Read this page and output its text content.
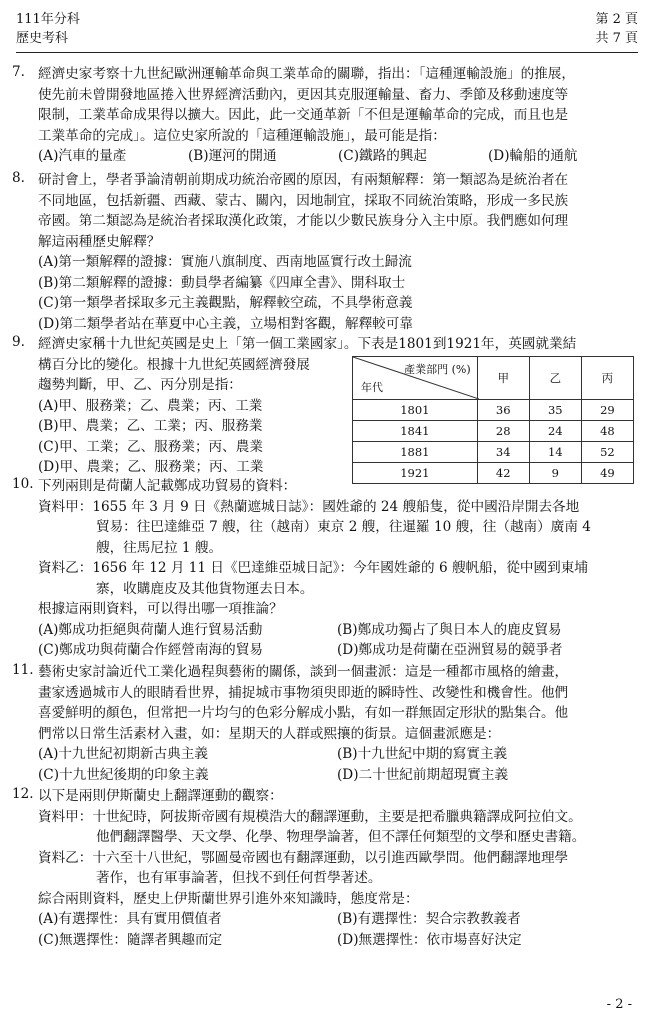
111年分科
歷史考科
第 2 頁
共 7 頁
7. 經濟史家考察十九世紀歐洲運輸革命與工業革命的關聯，指出：「這種運輸設施」的推展，
使先前未曾開發地區捲入世界經濟活動內，更因其克服運輸量、畜力、季節及移動速度等
限制，工業革命成果得以擴大。因此，此一交通革新「不但是運輸革命的完成，而且也是
工業革命的完成」。這位史家所說的「這種運輸設施」，最可能是指：
(A)汽車的量產	(B)運河的開通	(C)鐵路的興起	(D)輪船的通航
8. 研討會上，學者爭論清朝前期成功統治帝國的原因，有兩類解釋：第一類認為是統治者在
不同地區，包括新疆、西藏、蒙古、關內，因地制宜，採取不同統治策略，形成一多民族
帝國。第二類認為是統治者採取漢化政策，才能以少數民族身分入主中原。我們應如何理
解這兩種歷史解釋？
(A)第一類解釋的證據：實施八旗制度、西南地區實行改土歸流
(B)第二類解釋的證據：動員學者編纂《四庫全書》、開科取士
(C)第一類學者採取多元主義觀點，解釋較空疏，不具學術意義
(D)第二類學者站在華夏中心主義，立場相對客觀，解釋較可靠
9. 經濟史家稱十九世紀英國是史上「第一個工業國家」。下表是1801到1921年，英國就業結
構百分比的變化。根據十九世紀英國經濟發展
趨勢判斷，甲、乙、丙分別是指：
(A)甲、服務業；乙、農業；丙、工業
(B)甲、農業；乙、工業；丙、服務業
(C)甲、工業；乙、服務業；丙、農業
(D)甲、農業；乙、服務業；丙、工業
產業部門 (%)
年代	甲	乙	丙
1801	36	35	29
1841	28	24	48
1881	34	14	52
1921	42	9	49
10. 下列兩則是荷蘭人記載鄭成功貿易的資料：
資料甲：1655 年 3 月 9 日《熱蘭遮城日誌》：國姓爺的 24 艘船隻，從中國沿岸開去各地
貿易：往巴達維亞 7 艘，往（越南）東京 2 艘，往暹羅 10 艘，往（越南）廣南 4
艘，往馬尼拉 1 艘。
資料乙：1656 年 12 月 11 日《巴達維亞城日記》：今年國姓爺的 6 艘帆船，從中國到東埔
寨，收購鹿皮及其他貨物運去日本。
根據這兩則資料，可以得出哪一項推論？
(A)鄭成功拒絕與荷蘭人進行貿易活動	(B)鄭成功獨占了與日本人的鹿皮貿易
(C)鄭成功與荷蘭合作經營南海的貿易	(D)鄭成功是荷蘭在亞洲貿易的競爭者
11. 藝術史家討論近代工業化過程與藝術的關係，談到一個畫派：這是一種都市風格的繪畫，
畫家透過城市人的眼睛看世界，捕捉城市事物須臾即逝的瞬時性、改變性和機會性。他們
喜愛鮮明的顏色，但常把一片均勻的色彩分解成小點，有如一群無固定形狀的點集合。他
們常以日常生活素材入畫，如：星期天的人群或熙攘的街景。這個畫派應是：
(A)十九世紀初期新古典主義	(B)十九世紀中期的寫實主義
(C)十九世紀後期的印象主義	(D)二十世紀前期超現實主義
12. 以下是兩則伊斯蘭史上翻譯運動的觀察：
資料甲：十世紀時，阿拔斯帝國有規模浩大的翻譯運動，主要是把希臘典籍譯成阿拉伯文。
他們翻譯醫學、天文學、化學、物理學論著，但不譯任何類型的文學和歷史書籍。
資料乙：十六至十八世紀，鄂圖曼帝國也有翻譯運動，以引進西歐學問。他們翻譯地理學
著作，也有軍事論著，但找不到任何哲學著述。
綜合兩則資料，歷史上伊斯蘭世界引進外來知識時，態度常是：
(A)有選擇性：具有實用價值者	(B)有選擇性：契合宗教教義者
(C)無選擇性：隨譯者興趣而定	(D)無選擇性：依市場喜好決定
- 2 -
